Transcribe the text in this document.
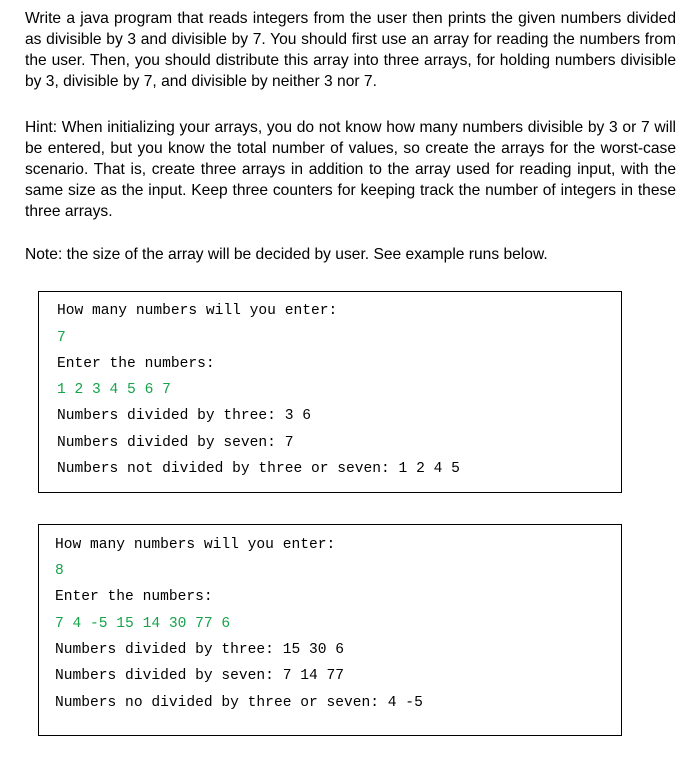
Write a java program that reads integers from the user then prints the given numbers divided as divisible by 3 and divisible by 7. You should first use an array for reading the numbers from the user. Then, you should distribute this array into three arrays, for holding numbers divisible by 3, divisible by 7, and divisible by neither 3 nor 7.

Hint: When initializing your arrays, you do not know how many numbers divisible by 3 or 7 will be entered, but you know the total number of values, so create the arrays for the worst-case scenario. That is, create three arrays in addition to the array used for reading input, with the same size as the input. Keep three counters for keeping track the number of integers in these three arrays.

Note: the size of the array will be decided by user. See example runs below.

How many numbers will you enter:
7
Enter the numbers:
1 2 3 4 5 6 7
Numbers divided by three: 3 6
Numbers divided by seven: 7
Numbers not divided by three or seven: 1 2 4 5
How many numbers will you enter:
8
Enter the numbers:
7 4 -5 15 14 30 77 6
Numbers divided by three: 15 30 6
Numbers divided by seven: 7 14 77
Numbers no divided by three or seven: 4 -5
